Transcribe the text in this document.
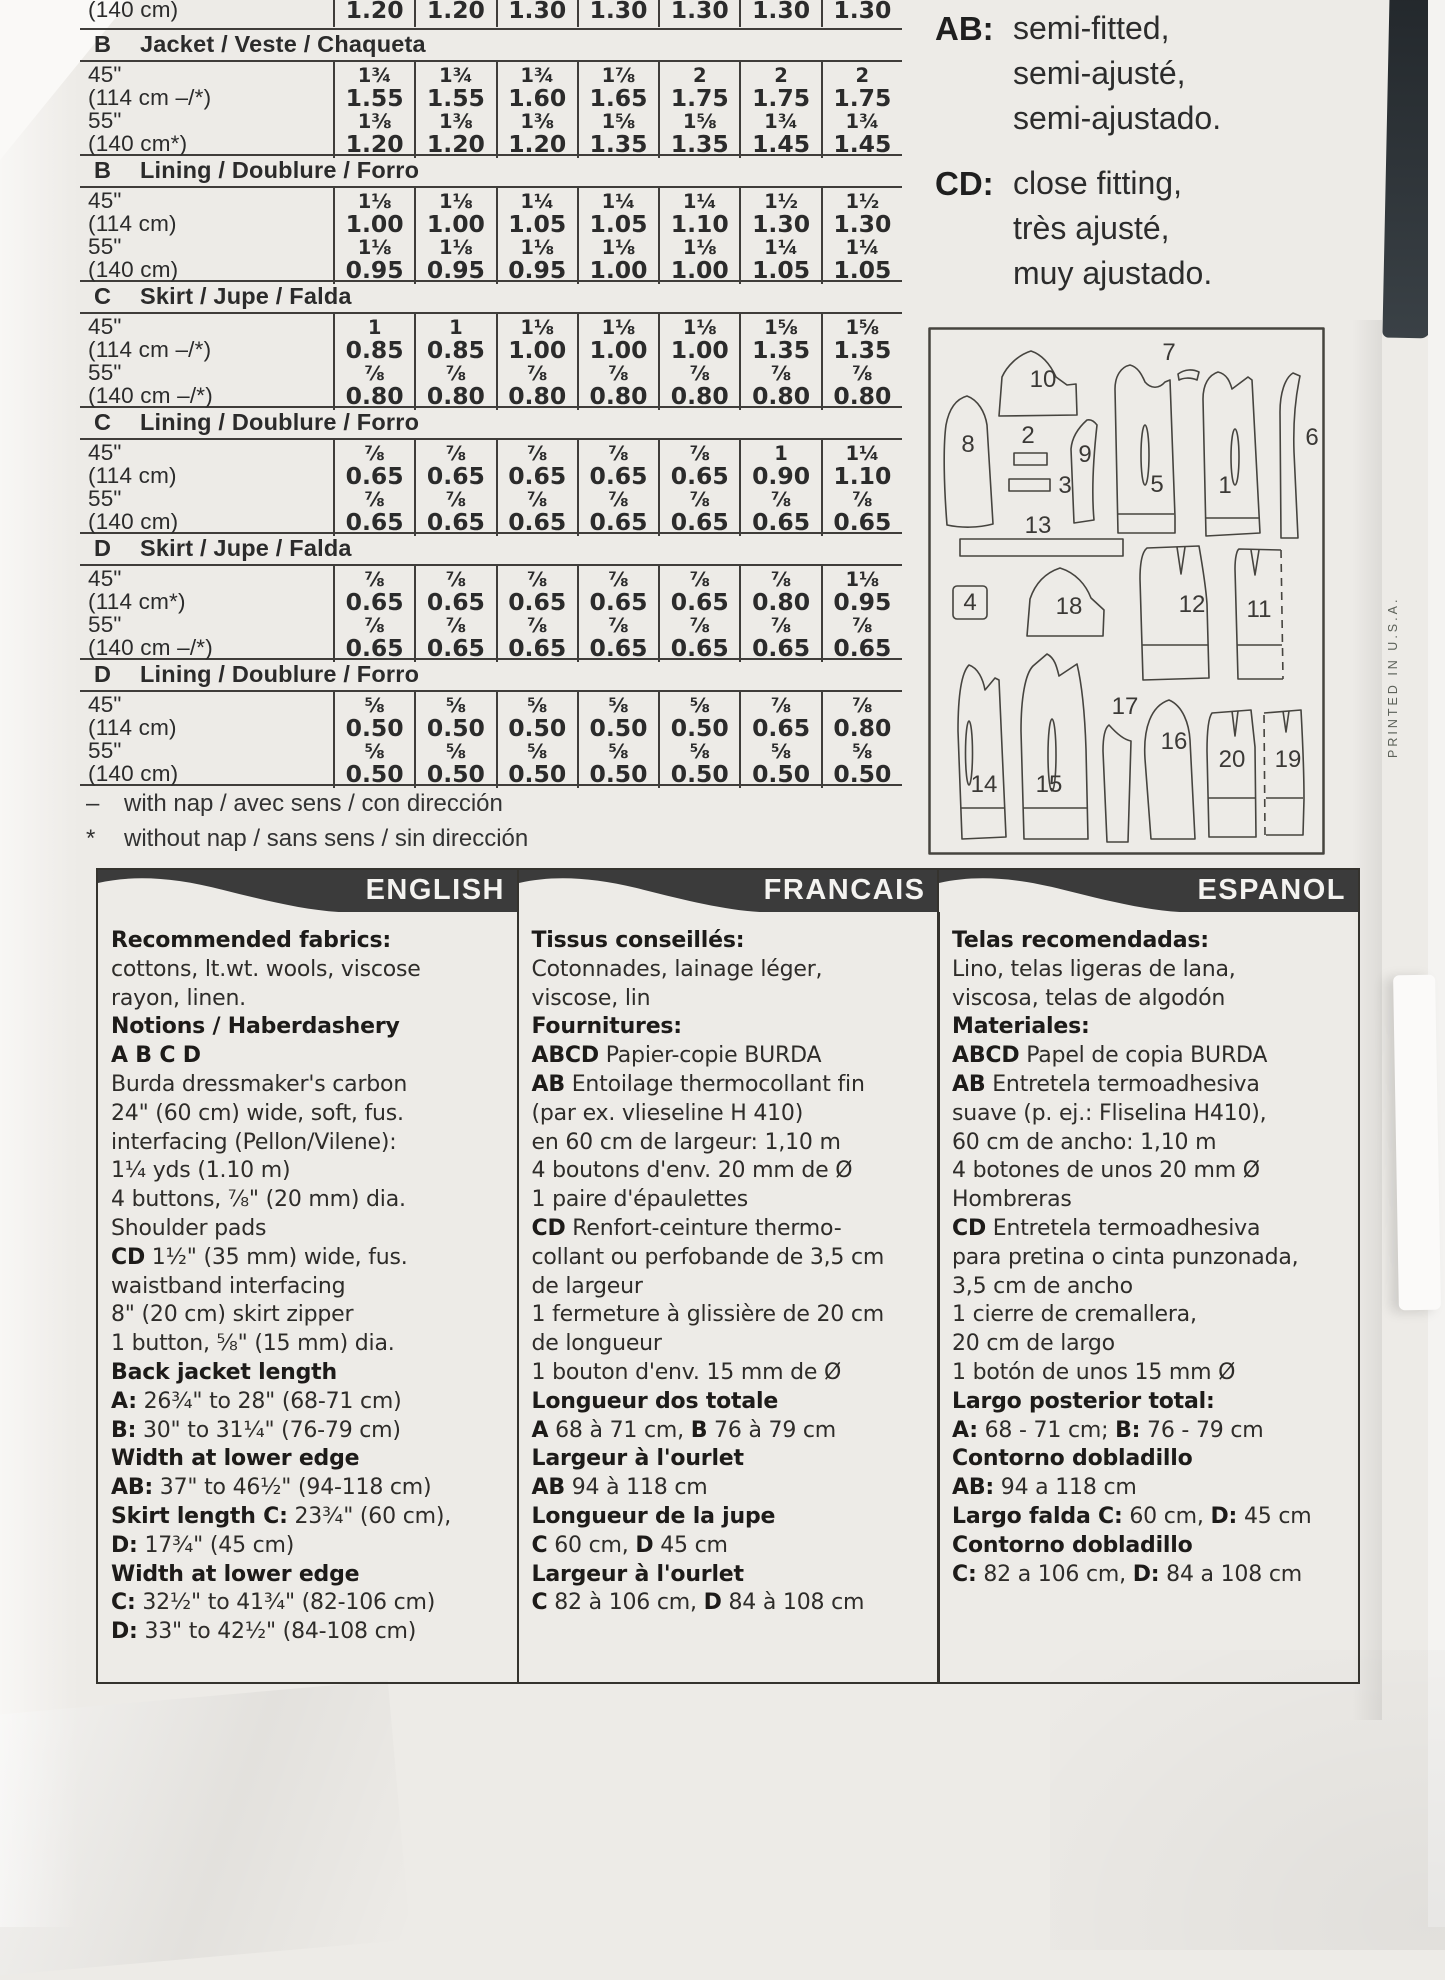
(140 cm)	1.20 1.20 1.30 1.30 1.30 1.30 1.30
B	Jacket / Veste / Chaqueta
45"	1¾	1¾	1¾	1⅞	2	2	2
(114 cm –/*)	1.55 1.55 1.60 1.65 1.75 1.75 1.75
55"	1⅜	1⅜	1⅜	1⅝	1⅝	1¾	1¾
(140 cm*)	1.20 1.20 1.20 1.35 1.35 1.45 1.45
B	Lining / Doublure / Forro
45"	1⅛	1⅛	1¼	1¼	1¼	1½	1½
(114 cm)	1.00 1.00 1.05 1.05 1.10 1.30 1.30
55"	1⅛	1⅛	1⅛	1⅛	1⅛	1¼	1¼
(140 cm)	0.95 0.95 0.95 1.00 1.00 1.05 1.05
C	Skirt / Jupe / Falda
45"	1	1	1⅛	1⅛	1⅛	1⅝	1⅝
(114 cm –/*)	0.85 0.85 1.00 1.00 1.00 1.35 1.35
55"	⅞	⅞	⅞	⅞	⅞	⅞	⅞
(140 cm –/*)	0.80 0.80 0.80 0.80 0.80 0.80 0.80
C	Lining / Doublure / Forro
45"	⅞	⅞	⅞	⅞	⅞	1	1¼
(114 cm)	0.65 0.65 0.65 0.65 0.65 0.90 1.10
55"	⅞	⅞	⅞	⅞	⅞	⅞	⅞
(140 cm)	0.65 0.65 0.65 0.65 0.65 0.65 0.65
D	Skirt / Jupe / Falda
45"	⅞	⅞	⅞	⅞	⅞	⅞	1⅛
(114 cm*)	0.65 0.65 0.65 0.65 0.65 0.80 0.95
55"	⅞	⅞	⅞	⅞	⅞	⅞	⅞
(140 cm –/*)	0.65 0.65 0.65 0.65 0.65 0.65 0.65
D	Lining / Doublure / Forro
45"	⅝	⅝	⅝	⅝	⅝	⅞	⅞
(114 cm)	0.50 0.50 0.50 0.50 0.50 0.65 0.80
55"	⅝	⅝	⅝	⅝	⅝	⅝	⅝
(140 cm)	0.50 0.50 0.50 0.50 0.50 0.50 0.50
–	with nap / avec sens / con dirección
*	without nap / sans sens / sin dirección
AB: semi-fitted,
semi-ajusté,
semi-ajustado.
CD: close fitting,
très ajusté,
muy ajustado.
1
2
3
4
5
6
7
8	9
10
11
12
13
14 15
16
17
18
19
20
PRINTED IN U.S.A.
ENGLISH
Recommended fabrics:
cottons, lt.wt. wools, viscose
rayon, linen.
Notions / Haberdashery
A B C D
Burda dressmaker's carbon
24" (60 cm) wide, soft, fus.
interfacing (Pellon/Vilene):
1¼ yds (1.10 m)
4 buttons, ⅞" (20 mm) dia.
Shoulder pads
CD 1½" (35 mm) wide, fus.
waistband interfacing
8" (20 cm) skirt zipper
1 button, ⅝" (15 mm) dia.
Back jacket length
A: 26¾" to 28" (68-71 cm)
B: 30" to 31¼" (76-79 cm)
Width at lower edge
AB: 37" to 46½" (94-118 cm)
Skirt length C: 23¾" (60 cm),
D: 17¾" (45 cm)
Width at lower edge
C: 32½" to 41¾" (82-106 cm)
D: 33" to 42½" (84-108 cm)
FRANCAIS
Tissus conseillés:
Cotonnades, lainage léger,
viscose, lin
Fournitures:
ABCD Papier-copie BURDA
AB Entoilage thermocollant fin
(par ex. vlieseline H 410)
en 60 cm de largeur: 1,10 m
4 boutons d'env. 20 mm de Ø
1 paire d'épaulettes
CD Renfort-ceinture thermo-
collant ou perfobande de 3,5 cm
de largeur
1 fermeture à glissière de 20 cm
de longueur
1 bouton d'env. 15 mm de Ø
Longueur dos totale
A 68 à 71 cm, B 76 à 79 cm
Largeur à l'ourlet
AB 94 à 118 cm
Longueur de la jupe
C 60 cm, D 45 cm
Largeur à l'ourlet
C 82 à 106 cm, D 84 à 108 cm
ESPANOL
Telas recomendadas:
Lino, telas ligeras de lana,
viscosa, telas de algodón
Materiales:
ABCD Papel de copia BURDA
AB Entretela termoadhesiva
suave (p. ej.: Fliselina H410),
60 cm de ancho: 1,10 m
4 botones de unos 20 mm Ø
Hombreras
CD Entretela termoadhesiva
para pretina o cinta punzonada,
3,5 cm de ancho
1 cierre de cremallera,
20 cm de largo
1 botón de unos 15 mm Ø
Largo posterior total:
A: 68 - 71 cm; B: 76 - 79 cm
Contorno dobladillo
AB: 94 a 118 cm
Largo falda C: 60 cm, D: 45 cm
Contorno dobladillo
C: 82 a 106 cm, D: 84 a 108 cm
